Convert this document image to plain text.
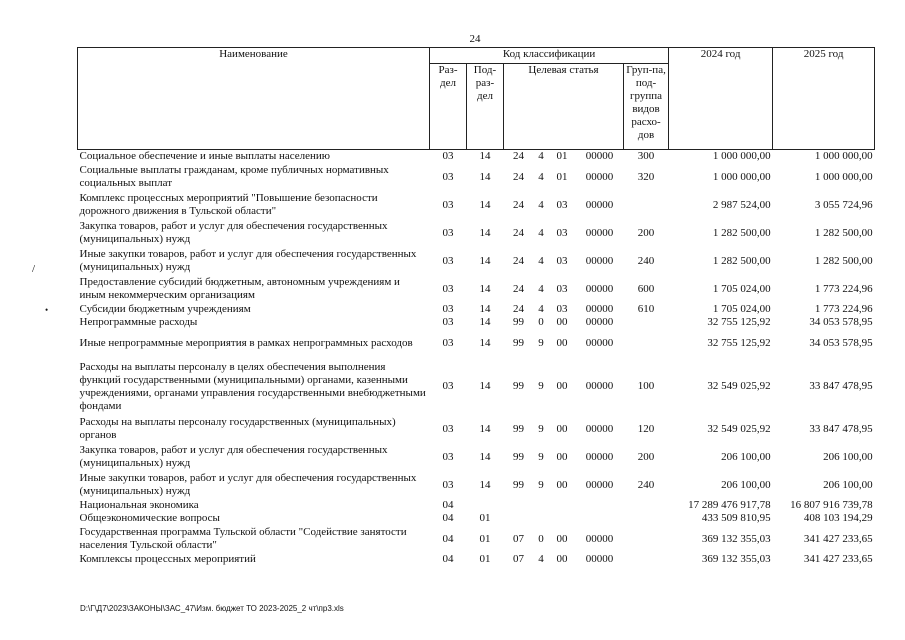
24
/
•
Наименование	Код классификации							2024 год	2025 год
	Раз-дел	Под-раз-дел	Целевая статья				Груп-па, под-группа видов расхо-дов		
Социальное обеспечение и иные выплаты населению	03	14	24	4	01	00000	300	1 000 000,00	1 000 000,00
Социальные выплаты гражданам, кроме публичных нормативных социальных выплат	03	14	24	4	01	00000	320	1 000 000,00	1 000 000,00
Комплекс процессных мероприятий "Повышение безопасности дорожного движения в Тульской области"	03	14	24	4	03	00000		2 987 524,00	3 055 724,96
Закупка товаров, работ и услуг для обеспечения государственных (муниципальных) нужд	03	14	24	4	03	00000	200	1 282 500,00	1 282 500,00
Иные закупки товаров, работ и услуг для обеспечения государственных (муниципальных) нужд	03	14	24	4	03	00000	240	1 282 500,00	1 282 500,00
Предоставление субсидий бюджетным, автономным учреждениям и иным некоммерческим организациям	03	14	24	4	03	00000	600	1 705 024,00	1 773 224,96
Субсидии бюджетным учреждениям	03	14	24	4	03	00000	610	1 705 024,00	1 773 224,96
Непрограммные расходы	03	14	99	0	00	00000		32 755 125,92	34 053 578,95
Иные непрограммные мероприятия в рамках непрограммных расходов	03	14	99	9	00	00000		32 755 125,92	34 053 578,95
Расходы на выплаты персоналу в целях обеспечения выполнения функций государственными (муниципальными) органами, казенными учреждениями, органами управления государственными внебюджетными фондами	03	14	99	9	00	00000	100	32 549 025,92	33 847 478,95
Расходы на выплаты персоналу государственных (муниципальных) органов	03	14	99	9	00	00000	120	32 549 025,92	33 847 478,95
Закупка товаров, работ и услуг для обеспечения государственных (муниципальных) нужд	03	14	99	9	00	00000	200	206 100,00	206 100,00
Иные закупки товаров, работ и услуг для обеспечения государственных (муниципальных) нужд	03	14	99	9	00	00000	240	206 100,00	206 100,00
Национальная экономика	04							17 289 476 917,78	16 807 916 739,78
Общеэкономические вопросы	04	01						433 509 810,95	408 103 194,29
Государственная программа Тульской области "Содействие занятости населения Тульской области"	04	01	07	0	00	00000		369 132 355,03	341 427 233,65
Комплексы процессных мероприятий	04	01	07	4	00	00000		369 132 355,03	341 427 233,65
D:\Г\Д7\2023\ЗАКОНЫ\ЗАС_47\Изм. бюджет ТО 2023-2025_2 чт\пр3.xls
